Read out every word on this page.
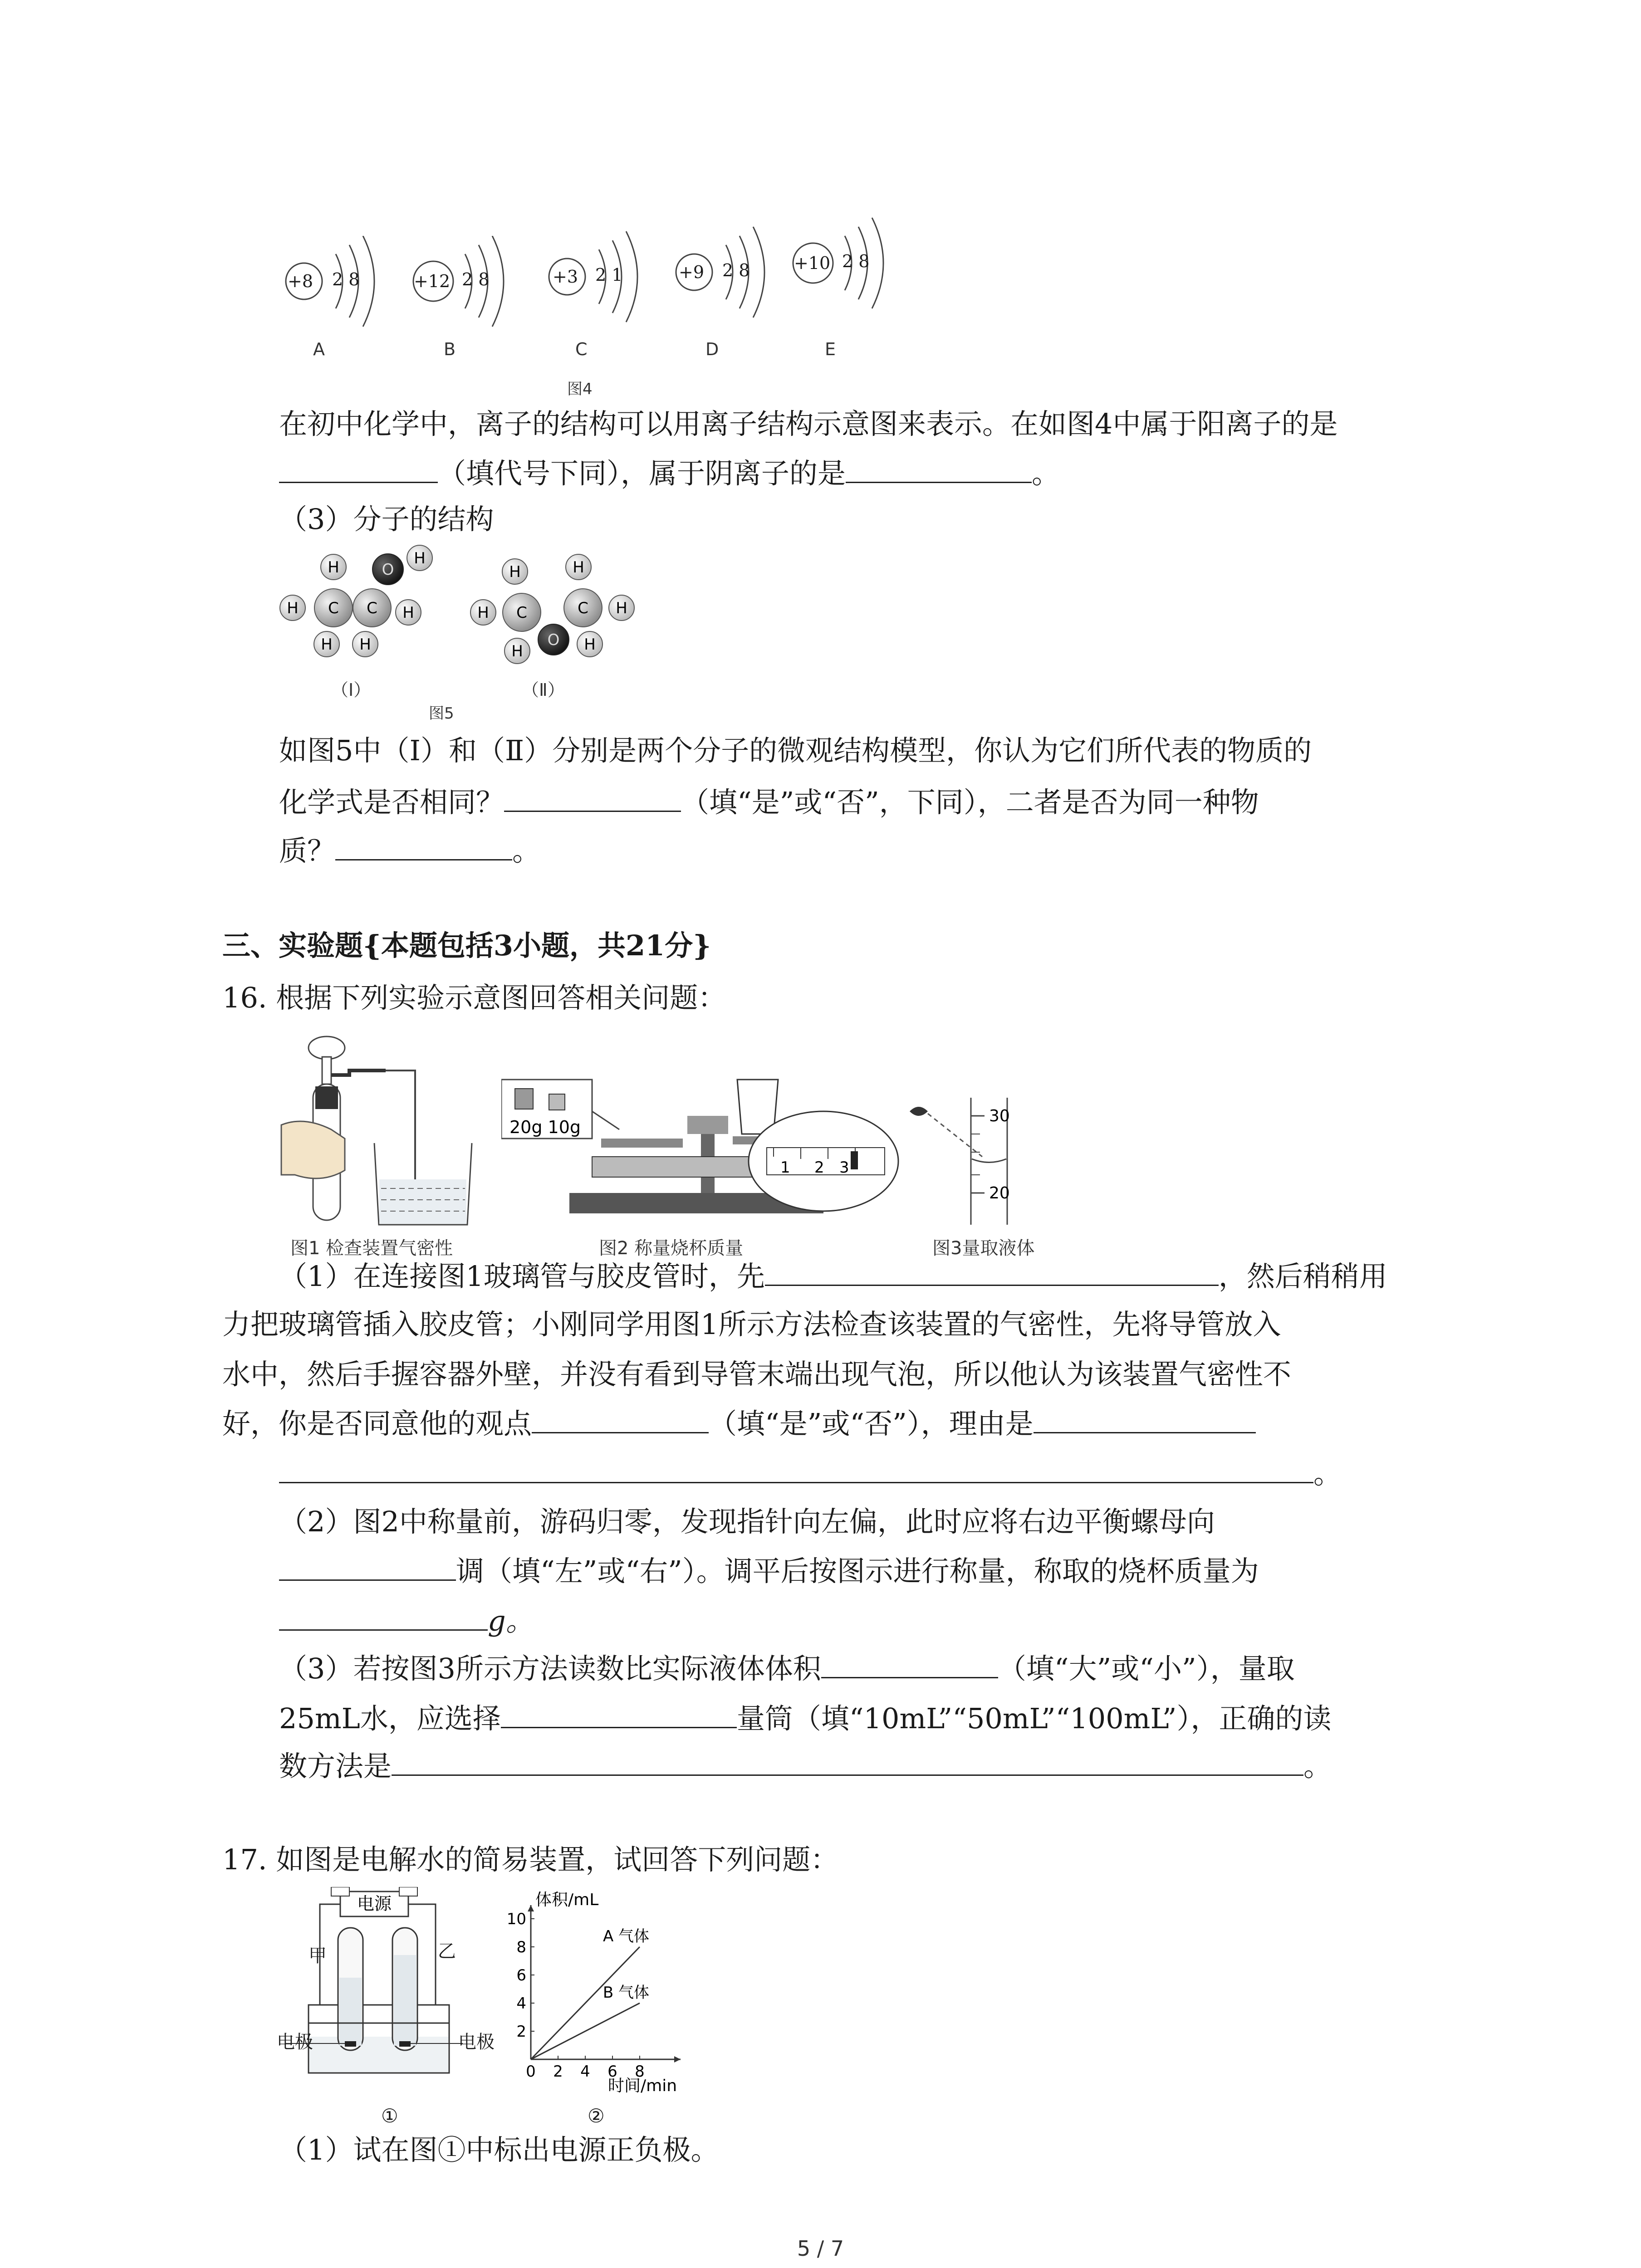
+8 2 8
A
+12 2 8
B
+3 2 1
C
+9 2 8
D
+10 2 8
E
图4
在初中化学中，离子的结构可以用离子结构示意图来表示。在如图4中属于阳离子的是
（填代号下同），属于阴离子的是	。
（3）分子的结构
H	O
H
H C C H
H H
H	H
H C	C H
O
H	H
（Ⅰ）	（Ⅱ）
图5
如图5中（Ⅰ）和（Ⅱ）分别是两个分子的微观结构模型，你认为它们所代表的物质的
化学式是否相同？	（填“是”或“否”，下同），二者是否为同一种物
质？	。
三、实验题{本题包括3小题，共21分}
16. 根据下列实验示意图回答相关问题：
图1 检查装置气密性
20g 10g
1 2 3
图2 称量烧杯质量
30
20
图3量取液体
（1）在连接图1玻璃管与胶皮管时，先	，然后稍稍用
力把玻璃管插入胶皮管；小刚同学用图1所示方法检查该装置的气密性，先将导管放入
水中，然后手握容器外壁，并没有看到导管末端出现气泡，所以他认为该装置气密性不
好，你是否同意他的观点	（填“是”或“否”），理由是
。
（2）图2中称量前，游码归零，发现指针向左偏，此时应将右边平衡螺母向
调（填“左”或“右”）。调平后按图示进行称量，称取的烧杯质量为
g。
（3）若按图3所示方法读数比实际液体体积	（填“大”或“小”），量取
25mL水，应选择	量筒（填“10mL”“50mL”“100mL”），正确的读
数方法是	。
17. 如图是电解水的简易装置，试回答下列问题：
电源
甲	乙
电极	电极
①
体积/mL
时间/min
0 2 4 6 8
2
4
6
8
10
A 气体
B 气体
②
（1）试在图①中标出电源正负极。
5 / 7
